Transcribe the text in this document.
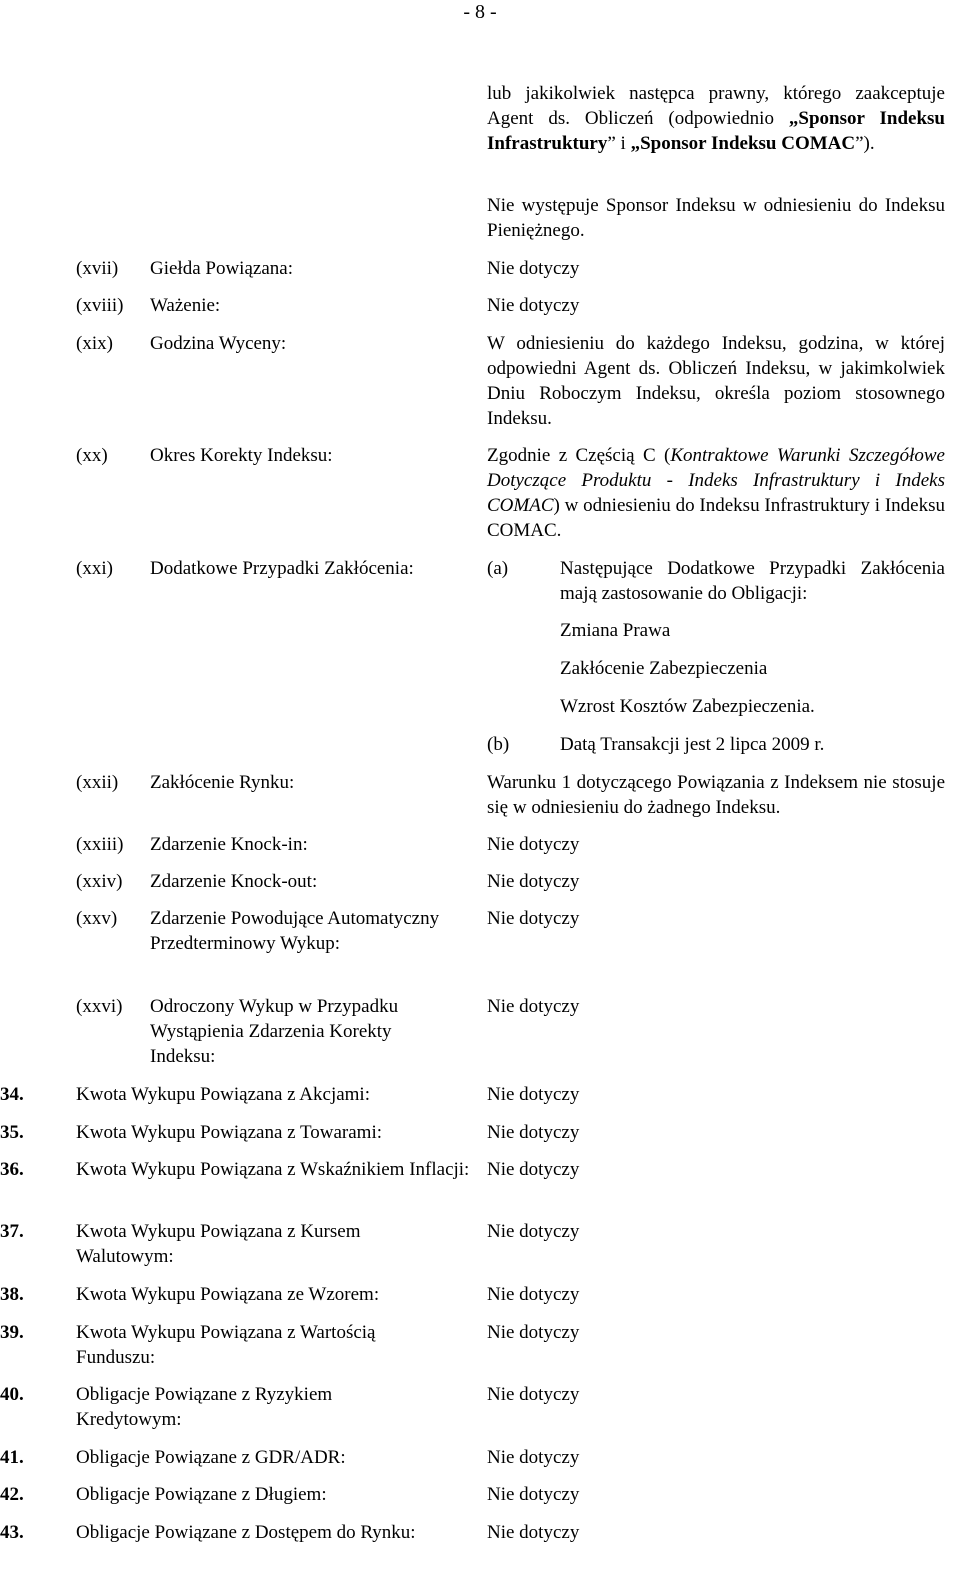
- 8 -
lub jakikolwiek następca prawny, którego zaakceptuje Agent ds. Obliczeń (odpowiednio „Sponsor Indeksu Infrastruktury” i „Sponsor Indeksu COMAC”).
Nie występuje Sponsor Indeksu w odniesieniu do Indeksu Pieniężnego.
(xvii) Giełda Powiązana:	Nie dotyczy
(xviii) Ważenie:	Nie dotyczy
(xix) Godzina Wyceny:	W odniesieniu do każdego Indeksu, godzina, w której odpowiedni Agent ds. Obliczeń Indeksu, w jakimkolwiek Dniu Roboczym Indeksu, określa poziom stosownego Indeksu.
(xx) Okres Korekty Indeksu:	Zgodnie z Częścią C (Kontraktowe Warunki Szczegółowe Dotyczące Produktu - Indeks Infrastruktury i Indeks COMAC) w odniesieniu do Indeksu Infrastruktury i Indeksu COMAC.
(xxi) Dodatkowe Przypadki Zakłócenia:	(a)	Następujące Dodatkowe Przypadki Zakłócenia mają zastosowanie do Obligacji:
Zmiana Prawa
Zakłócenie Zabezpieczenia
Wzrost Kosztów Zabezpieczenia.
(b)	Datą Transakcji jest 2 lipca 2009 r.
(xxii) Zakłócenie Rynku:	Warunku 1 dotyczącego Powiązania z Indeksem nie stosuje się w odniesieniu do żadnego Indeksu.
(xxiii) Zdarzenie Knock-in:	Nie dotyczy
(xxiv) Zdarzenie Knock-out:	Nie dotyczy
(xxv) Zdarzenie Powodujące Automatyczny Przedterminowy Wykup:
Nie dotyczy
(xxvi) Odroczony Wykup w Przypadku Wystąpienia Zdarzenia Korekty Indeksu:
Nie dotyczy
34.	Kwota Wykupu Powiązana z Akcjami:	Nie dotyczy
35.	Kwota Wykupu Powiązana z Towarami:	Nie dotyczy
36.	Kwota Wykupu Powiązana z Wskaźnikiem Inflacji: Nie dotyczy
37.	Kwota Wykupu Powiązana z Kursem Walutowym:
Nie dotyczy
38.	Kwota Wykupu Powiązana ze Wzorem:	Nie dotyczy
39.	Kwota Wykupu Powiązana z Wartością Funduszu:
Nie dotyczy
40.	Obligacje Powiązane z Ryzykiem Kredytowym:
Nie dotyczy
41.	Obligacje Powiązane z GDR/ADR:	Nie dotyczy
42.	Obligacje Powiązane z Długiem:	Nie dotyczy
43.	Obligacje Powiązane z Dostępem do Rynku:	Nie dotyczy
